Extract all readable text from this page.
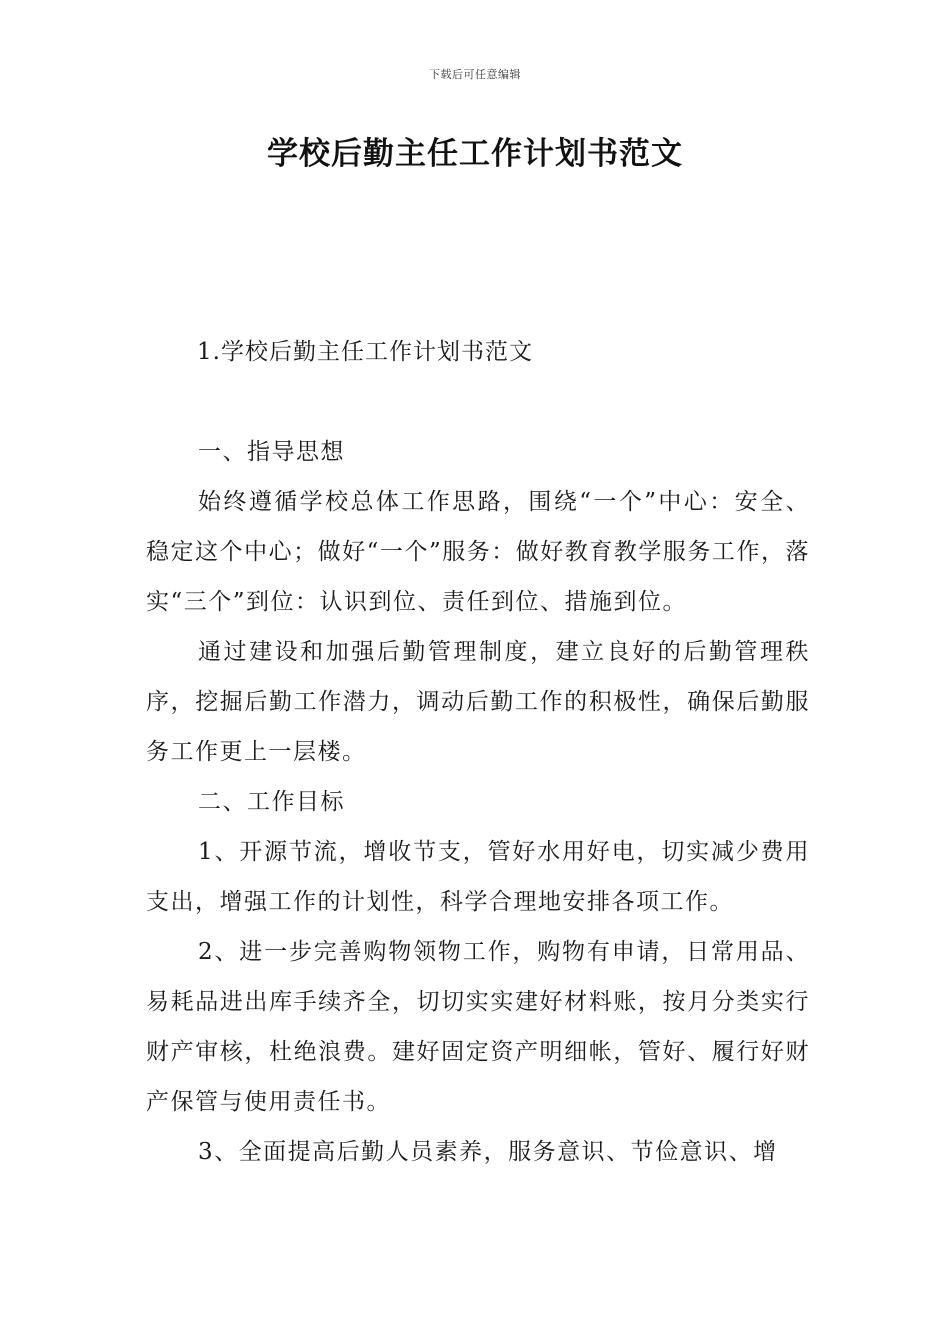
下载后可任意编辑
学校后勤主任工作计划书范文
1.学校后勤主任工作计划书范文

一、指导思想

始终遵循学校总体工作思路，围绕“一个”中心：安全、稳定这个中心；做好“一个”服务：做好教育教学服务工作，落实“三个”到位：认识到位、责任到位、措施到位。

通过建设和加强后勤管理制度，建立良好的后勤管理秩序，挖掘后勤工作潜力，调动后勤工作的积极性，确保后勤服务工作更上一层楼。

二、工作目标

1、开源节流，增收节支，管好水用好电，切实减少费用支出，增强工作的计划性，科学合理地安排各项工作。

2、进一步完善购物领物工作，购物有申请，日常用品、易耗品进出库手续齐全，切切实实建好材料账，按月分类实行财产审核，杜绝浪费。建好固定资产明细帐，管好、履行好财产保管与使用责任书。

3、全面提高后勤人员素养，服务意识、节俭意识、增
